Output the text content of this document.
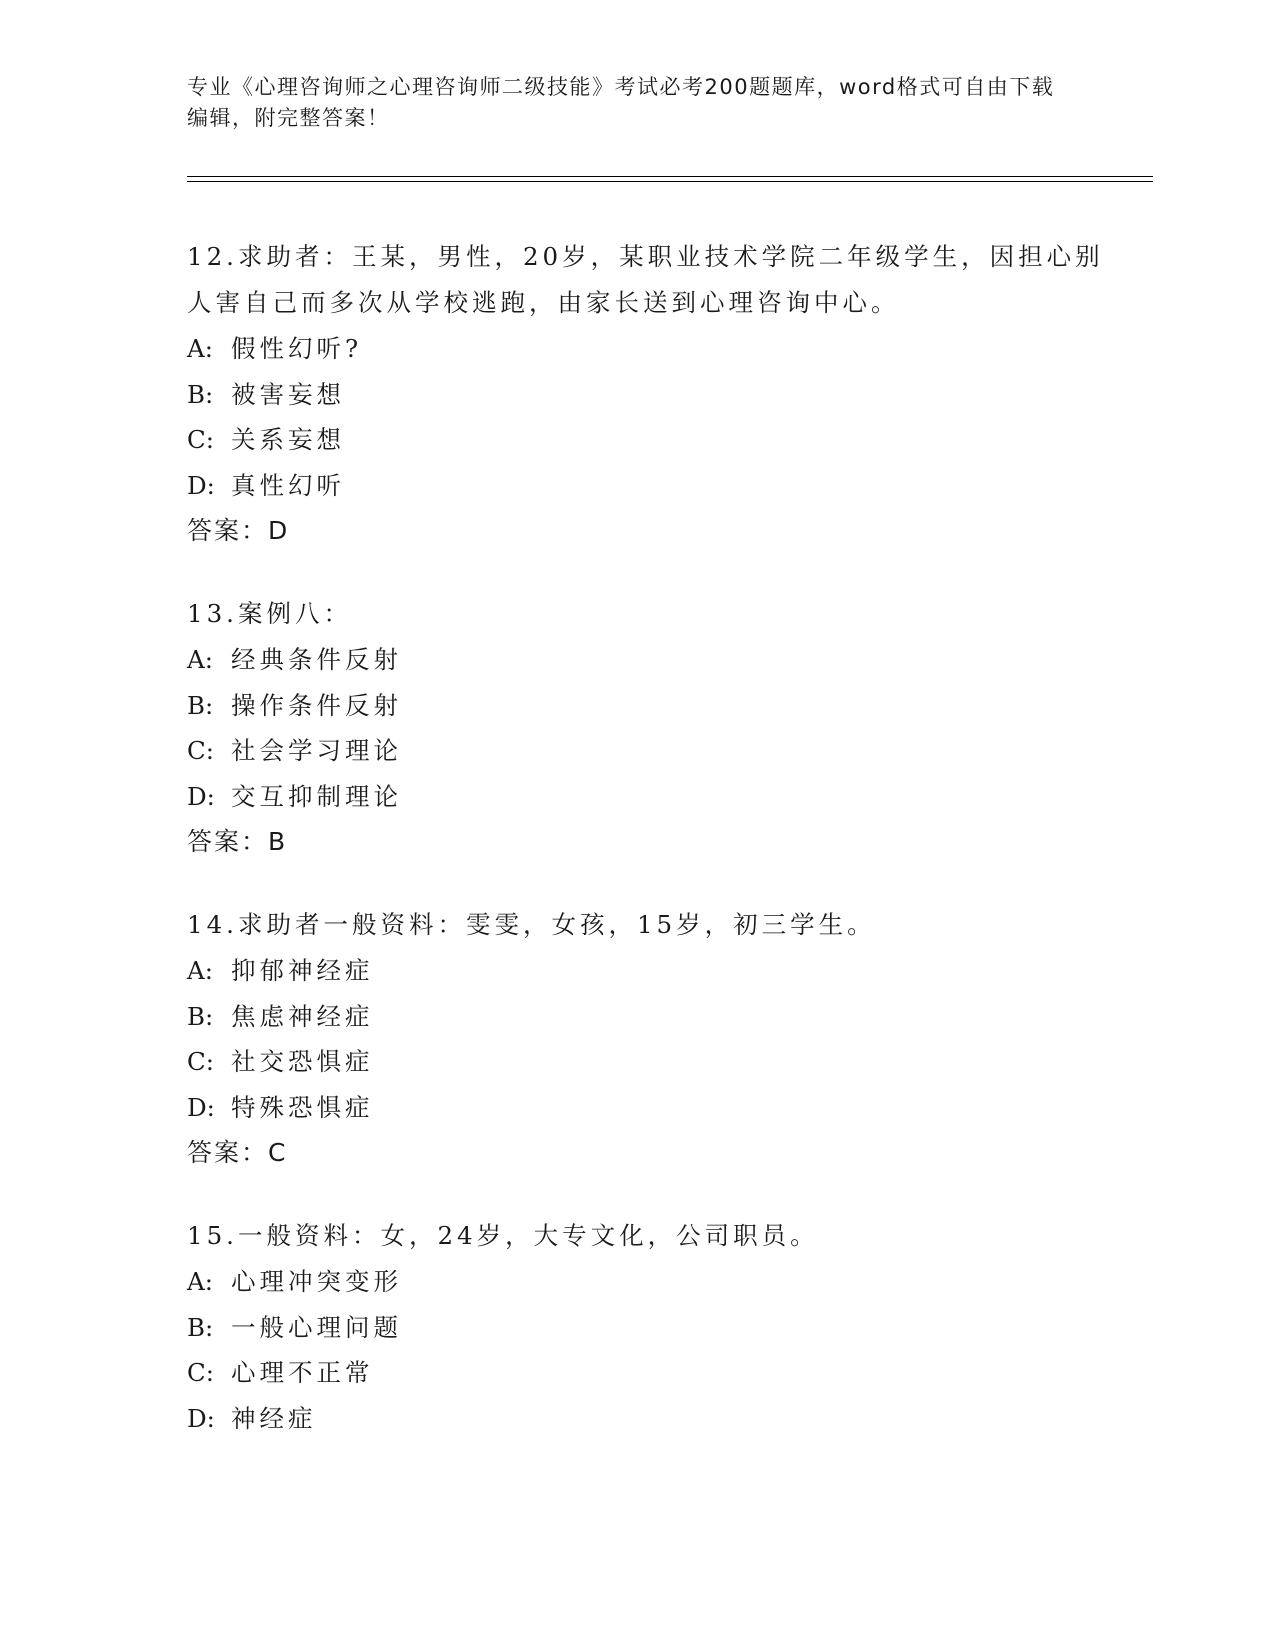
专业《心理咨询师之心理咨询师二级技能》考试必考200题题库，word格式可自由下载编辑，附完整答案！
12.求助者：王某，男性，20岁，某职业技术学院二年级学生，因担心别人害自己而多次从学校逃跑，由家长送到心理咨询中心。
A: 假性幻听?
B: 被害妄想
C: 关系妄想
D: 真性幻听
答案：D
13.案例八：
A: 经典条件反射
B: 操作条件反射
C: 社会学习理论
D: 交互抑制理论
答案：B
14.求助者一般资料：雯雯，女孩，15岁，初三学生。
A: 抑郁神经症
B: 焦虑神经症
C: 社交恐惧症
D: 特殊恐惧症
答案：C
15.一般资料：女，24岁，大专文化，公司职员。
A: 心理冲突变形
B: 一般心理问题
C: 心理不正常
D: 神经症
